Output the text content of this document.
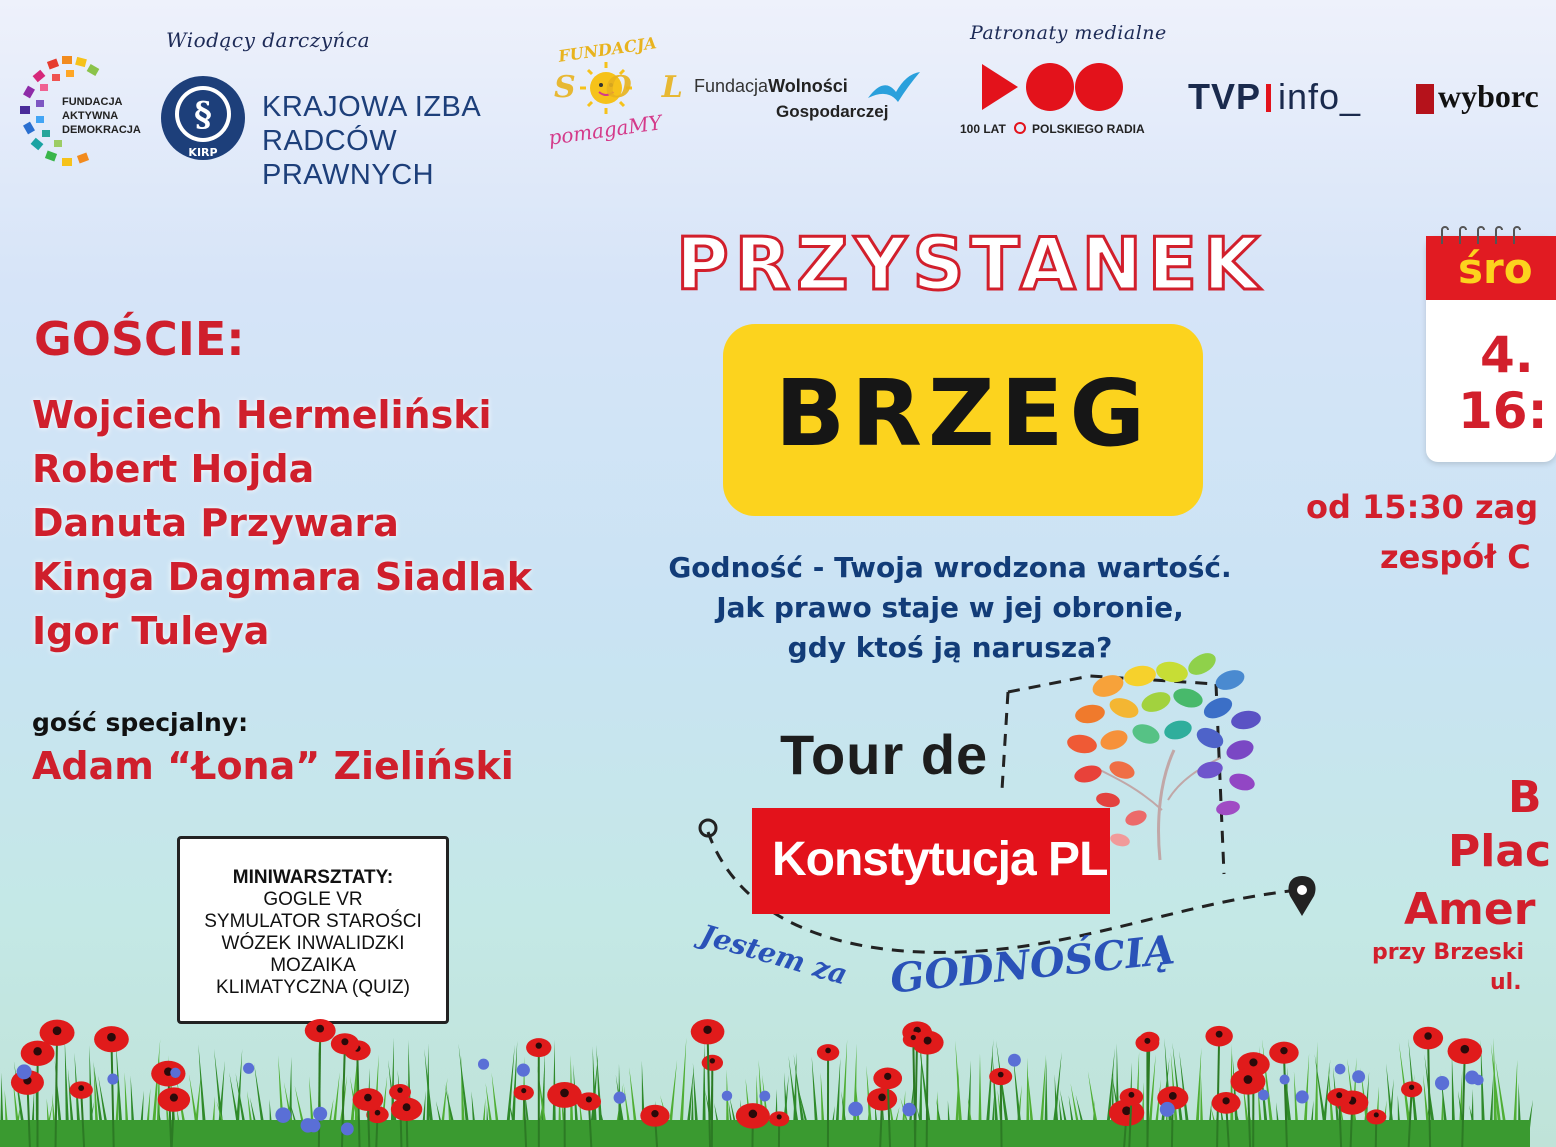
FUNDACJA
AKTYWNA
DEMOKRACJA
Wiodący darczyńca
§
KIRP
KRAJOWA IZBA
RADCÓW PRAWNYCH
FUNDACJA
SOL
pomagaMY
FundacjaWolności
Gospodarczej
Patronaty medialne
100 LAT POLSKIEGO RADIA
TVP info_ wyborc
GOŚCIE:
Wojciech Hermeliński
Robert Hojda
Danuta Przywara
Kinga Dagmara Siadlak
Igor Tuleya
gość specjalny:
Adam “Łona” Zieliński
MINIWARSZTATY:
GOGLE VR
SYMULATOR STAROŚCI
WÓZEK INWALIDZKI
MOZAIKA
KLIMATYCZNA (QUIZ)
PRZYSTANEK
BRZEG
Godność - Twoja wrodzona wartość.
Jak prawo staje w jej obronie,
gdy ktoś ją narusza?
Tour de
Konstytucja PL
Jestem za GODNOŚCIĄ
śro
4.
16:
od 15:30 zag
zespół C
B
Plac
Amer
przy Brzeski
ul.
